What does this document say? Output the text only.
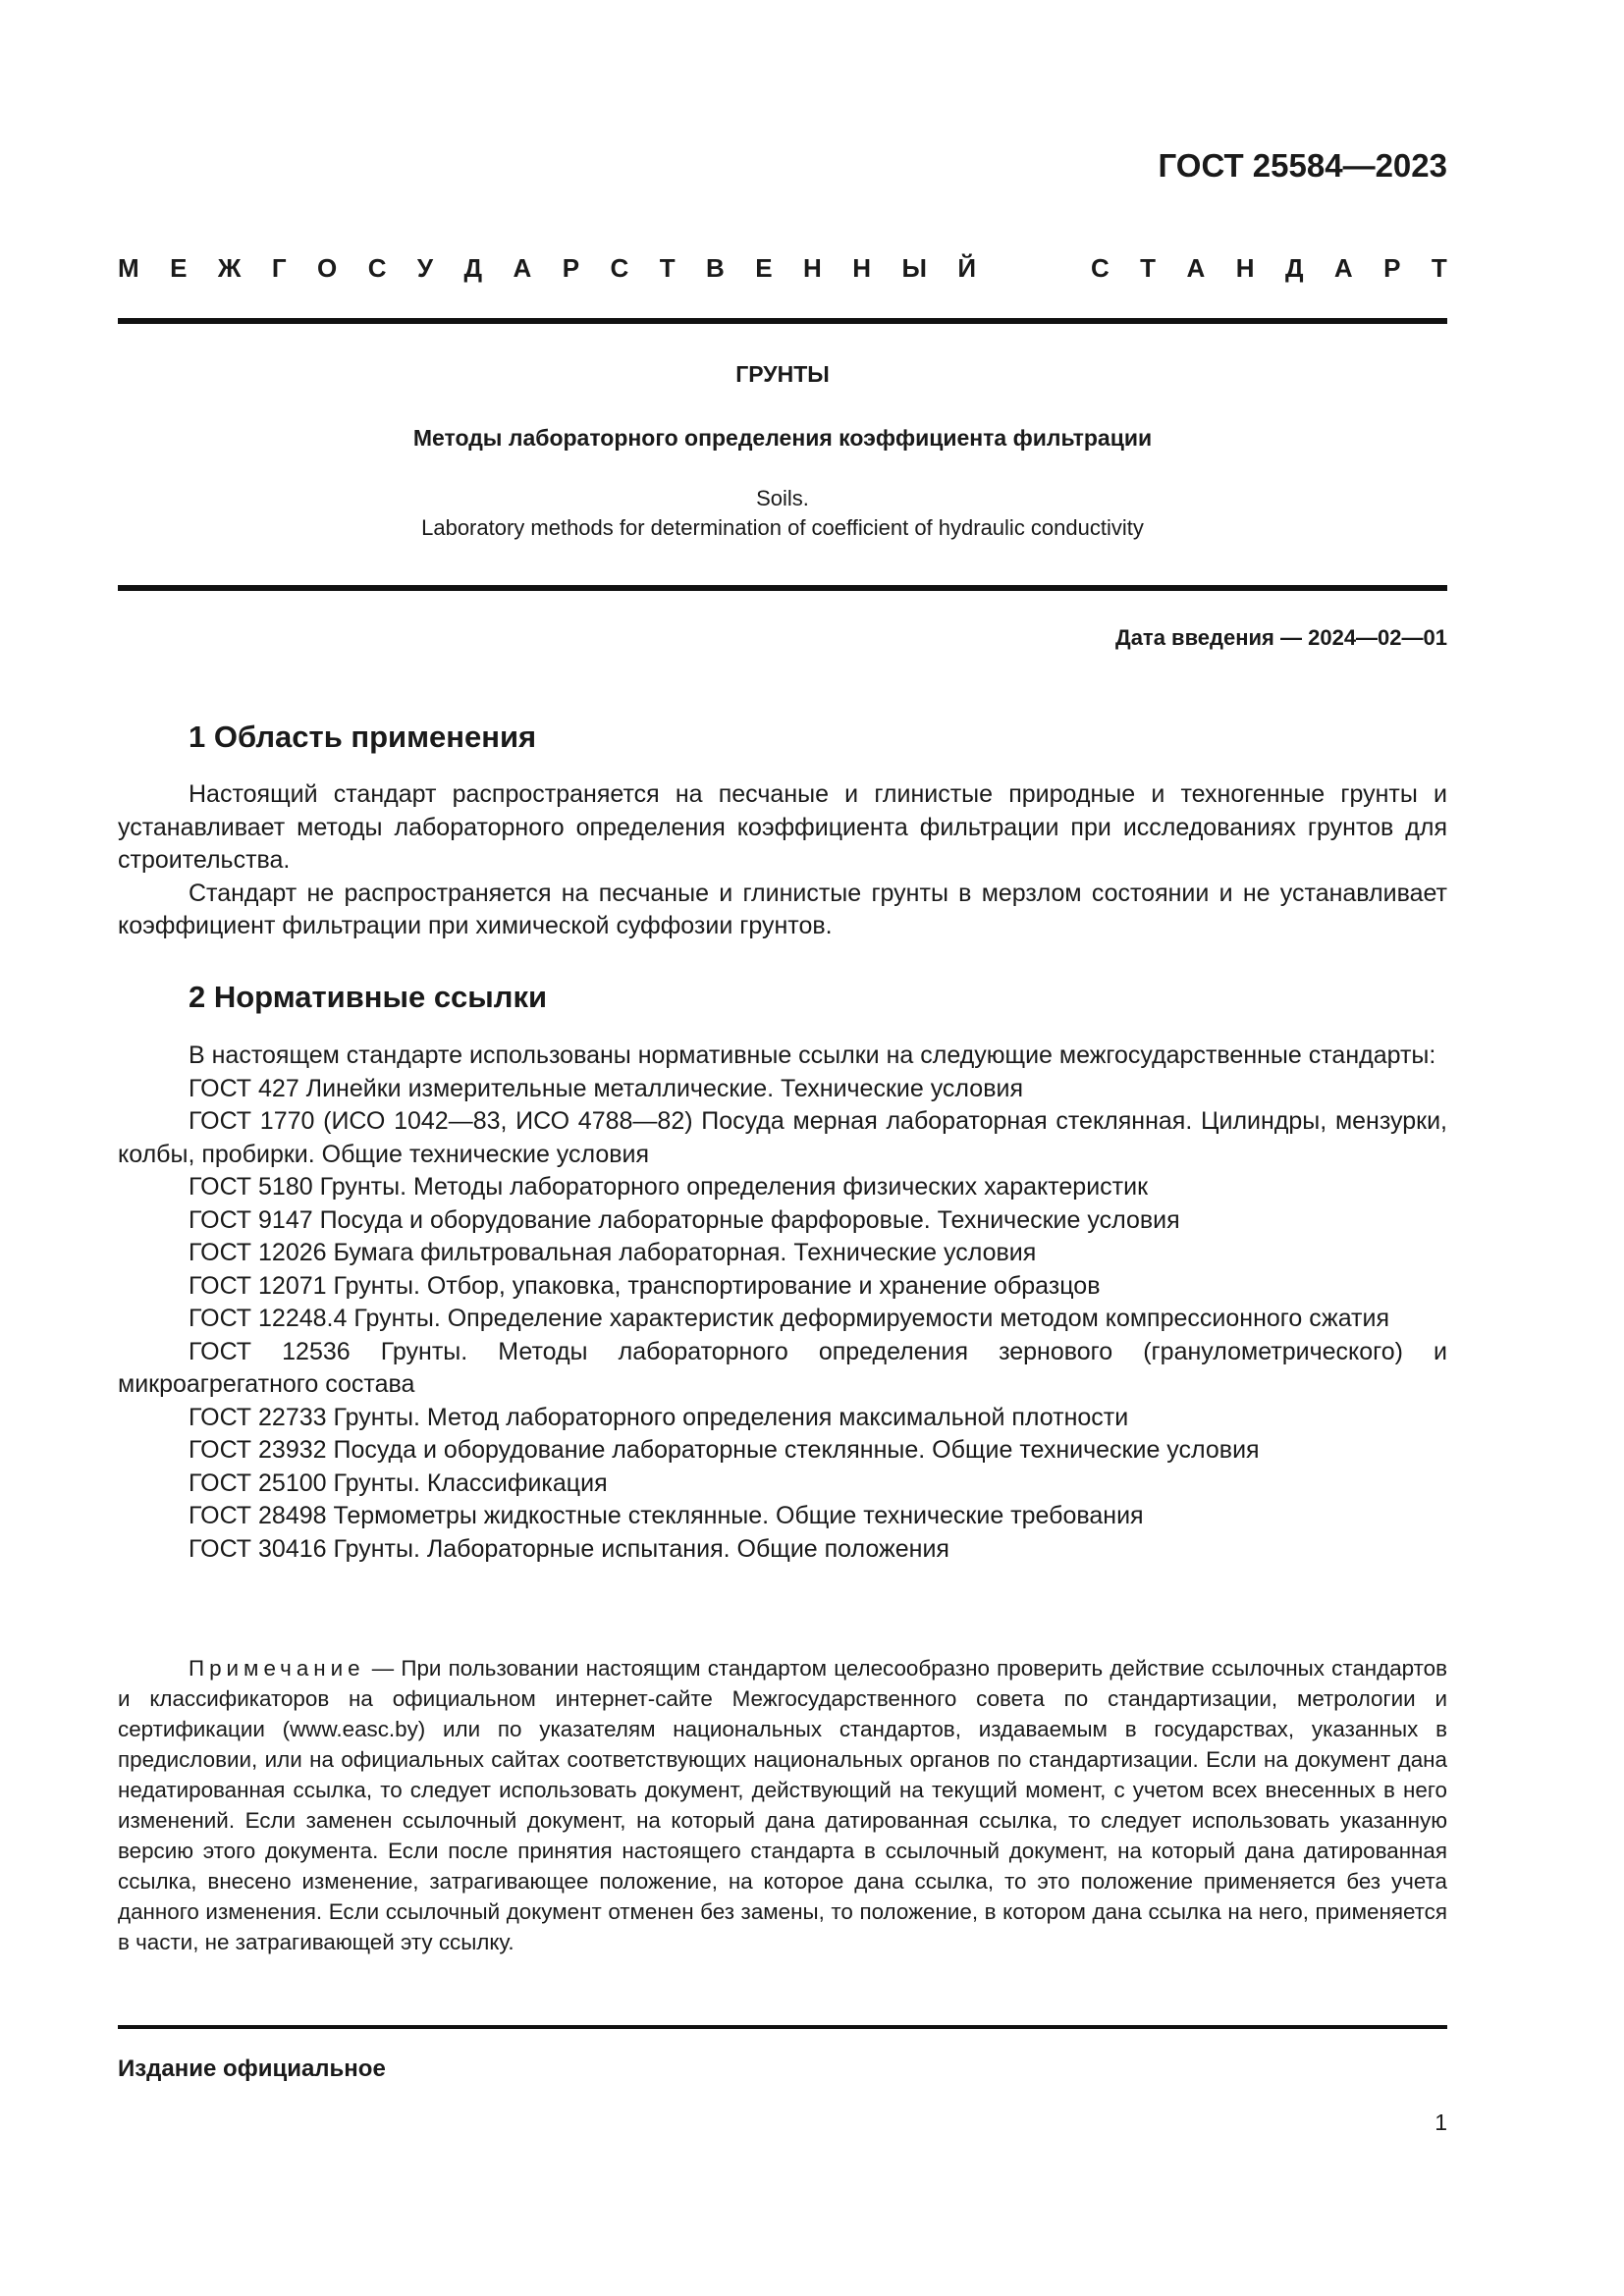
ГОСТ 25584—2023
М Е Ж Г О С У Д А Р С Т В Е Н Н Ы Й	С Т А Н Д А Р Т
ГРУНТЫ
Методы лабораторного определения коэффициента фильтрации
Soils.
Laboratory methods for determination of coefficient of hydraulic conductivity
Дата введения — 2024—02—01
1 Область применения

Настоящий стандарт распространяется на песчаные и глинистые природные и техногенные грунты и устанавливает методы лабораторного определения коэффициента фильтрации при исследованиях грунтов для строительства.

Стандарт не распространяется на песчаные и глинистые грунты в мерзлом состоянии и не устанавливает коэффициент фильтрации при химической суффозии грунтов.

2 Нормативные ссылки

В настоящем стандарте использованы нормативные ссылки на следующие межгосударственные стандарты:

ГОСТ 427 Линейки измерительные металлические. Технические условия

ГОСТ 1770 (ИСО 1042—83, ИСО 4788—82) Посуда мерная лабораторная стеклянная. Цилиндры, мензурки, колбы, пробирки. Общие технические условия

ГОСТ 5180 Грунты. Методы лабораторного определения физических характеристик

ГОСТ 9147 Посуда и оборудование лабораторные фарфоровые. Технические условия

ГОСТ 12026 Бумага фильтровальная лабораторная. Технические условия

ГОСТ 12071 Грунты. Отбор, упаковка, транспортирование и хранение образцов

ГОСТ 12248.4 Грунты. Определение характеристик деформируемости методом компрессионного сжатия

ГОСТ 12536 Грунты. Методы лабораторного определения зернового (гранулометрического) и микроагрегатного состава

ГОСТ 22733 Грунты. Метод лабораторного определения максимальной плотности

ГОСТ 23932 Посуда и оборудование лабораторные стеклянные. Общие технические условия

ГОСТ 25100 Грунты. Классификация

ГОСТ 28498 Термометры жидкостные стеклянные. Общие технические требования

ГОСТ 30416 Грунты. Лабораторные испытания. Общие положения

Примечание — При пользовании настоящим стандартом целесообразно проверить действие ссылочных стандартов и классификаторов на официальном интернет-сайте Межгосударственного совета по стандартизации, метрологии и сертификации (www.easc.by) или по указателям национальных стандартов, издаваемым в государствах, указанных в предисловии, или на официальных сайтах соответствующих национальных органов по стандартизации. Если на документ дана недатированная ссылка, то следует использовать документ, действующий на текущий момент, с учетом всех внесенных в него изменений. Если заменен ссылочный документ, на который дана датированная ссылка, то следует использовать указанную версию этого документа. Если после принятия настоящего стандарта в ссылочный документ, на который дана датированная ссылка, внесено изменение, затрагивающее положение, на которое дана ссылка, то это положение применяется без учета данного изменения. Если ссылочный документ отменен без замены, то положение, в котором дана ссылка на него, применяется в части, не затрагивающей эту ссылку.

Издание официальное
1
